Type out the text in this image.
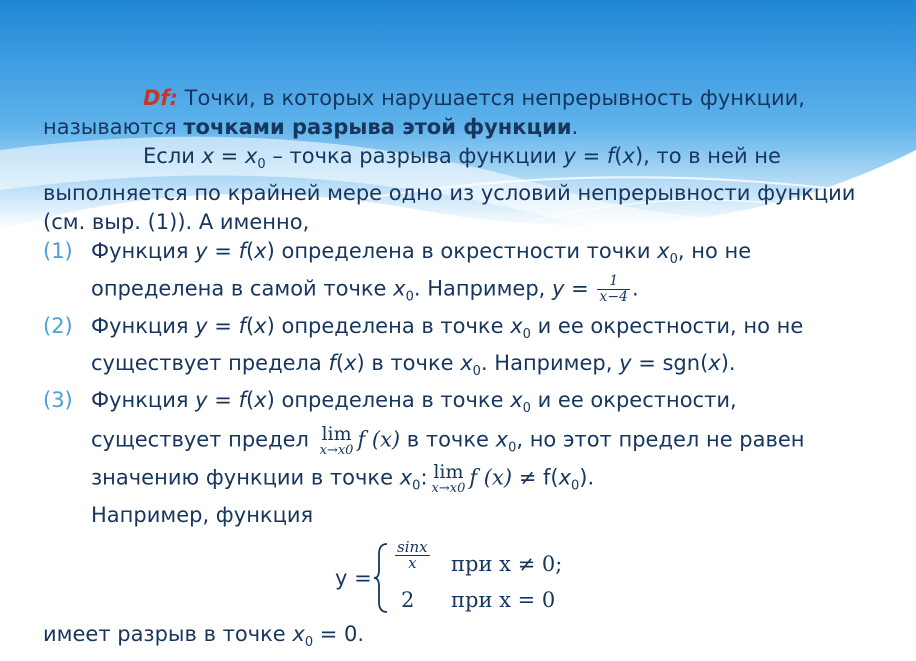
Df: Точки, в которых нарушается непрерывность функции, называются точками разрыва этой функции.

Если $x = x_0$ – точка разрыва функции y = f(x), то в ней не выполняется по крайней мере одно из условий непрерывности функции (см. выр. (1)). А именно,

(1) Функция y = f(x) определена в окрестности точки $x_0$, но не определена в самой точке $x_0$. Например, $y = \frac{1}{x-4}$ .
(2) Функция y = f(x) определена в точке $x_0$ и ее окрестности, но не существует предела f(x) в точке $x_0$. Например, y = sgn(x).
(3) Функция y = f(x) определена в точке $x_0$ и ее окрестности, существует предел lim
x→x0 f (x) в точке $x_0$, но этот предел не равен значению функции в точке $x_0$: lim
x→x0 f $(x) \ne f(x_0)$.
Например, функция
y =
$\frac{\sin x}{x}$ при x ≠ 0;
2 при x = 0

имеет разрыв в точке $x_0 = 0$.
